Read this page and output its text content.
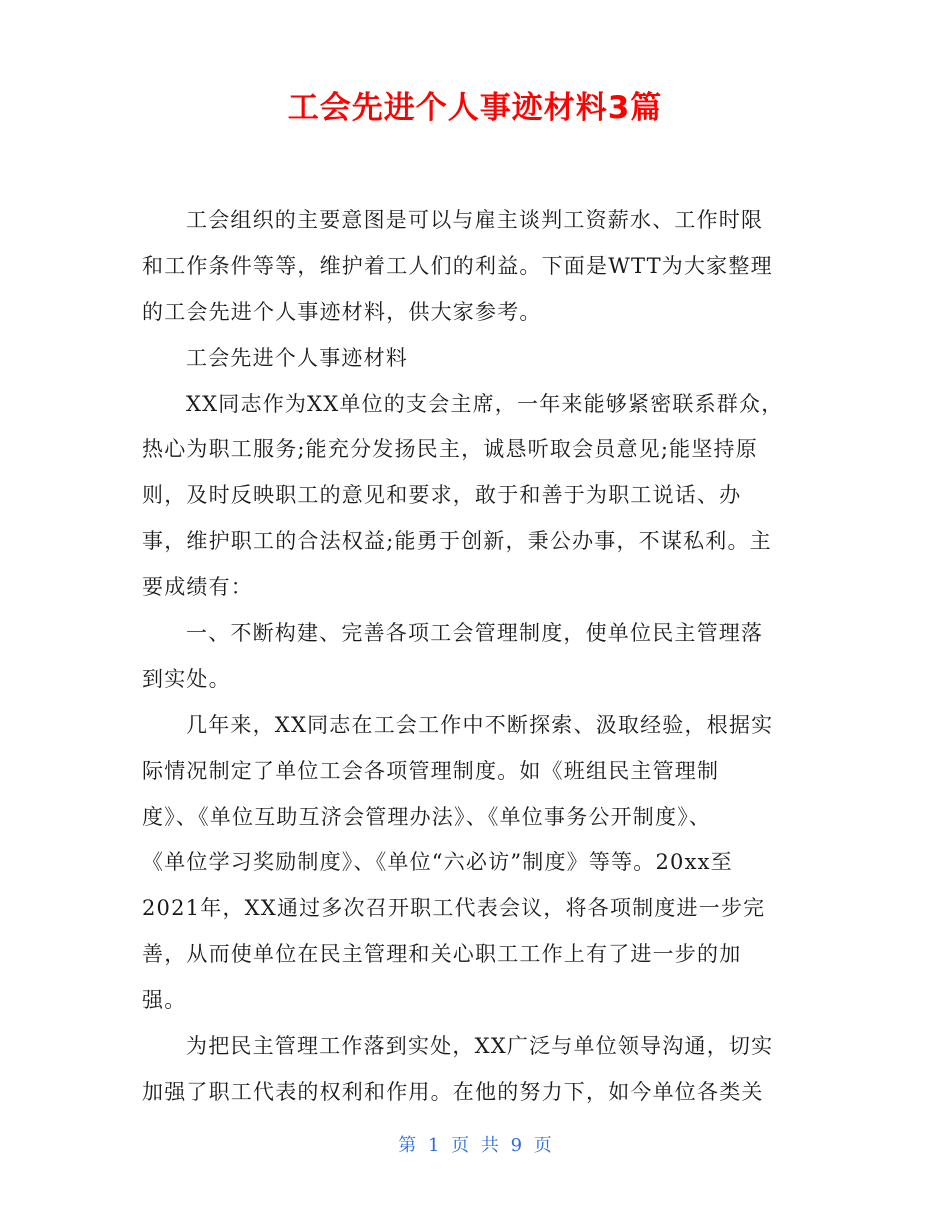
工会先进个人事迹材料3篇
工会组织的主要意图是可以与雇主谈判工资薪水、工作时限
和工作条件等等，维护着工人们的利益。下面是WTT为大家整理
的工会先进个人事迹材料，供大家参考。
工会先进个人事迹材料
XX同志作为XX单位的支会主席，一年来能够紧密联系群众，
热心为职工服务;能充分发扬民主，诚恳听取会员意见;能坚持原
则，及时反映职工的意见和要求，敢于和善于为职工说话、办
事，维护职工的合法权益;能勇于创新，秉公办事，不谋私利。主
要成绩有：
一、不断构建、完善各项工会管理制度，使单位民主管理落
到实处。
几年来，XX同志在工会工作中不断探索、汲取经验，根据实
际情况制定了单位工会各项管理制度。如《班组民主管理制
度》、《单位互助互济会管理办法》、《单位事务公开制度》、
《单位学习奖励制度》、《单位“六必访”制度》等等。20xx至
2021年，XX通过多次召开职工代表会议，将各项制度进一步完
善，从而使单位在民主管理和关心职工工作上有了进一步的加
强。
为把民主管理工作落到实处，XX广泛与单位领导沟通，切实
加强了职工代表的权利和作用。在他的努力下，如今单位各类关
第 1 页 共 9 页
